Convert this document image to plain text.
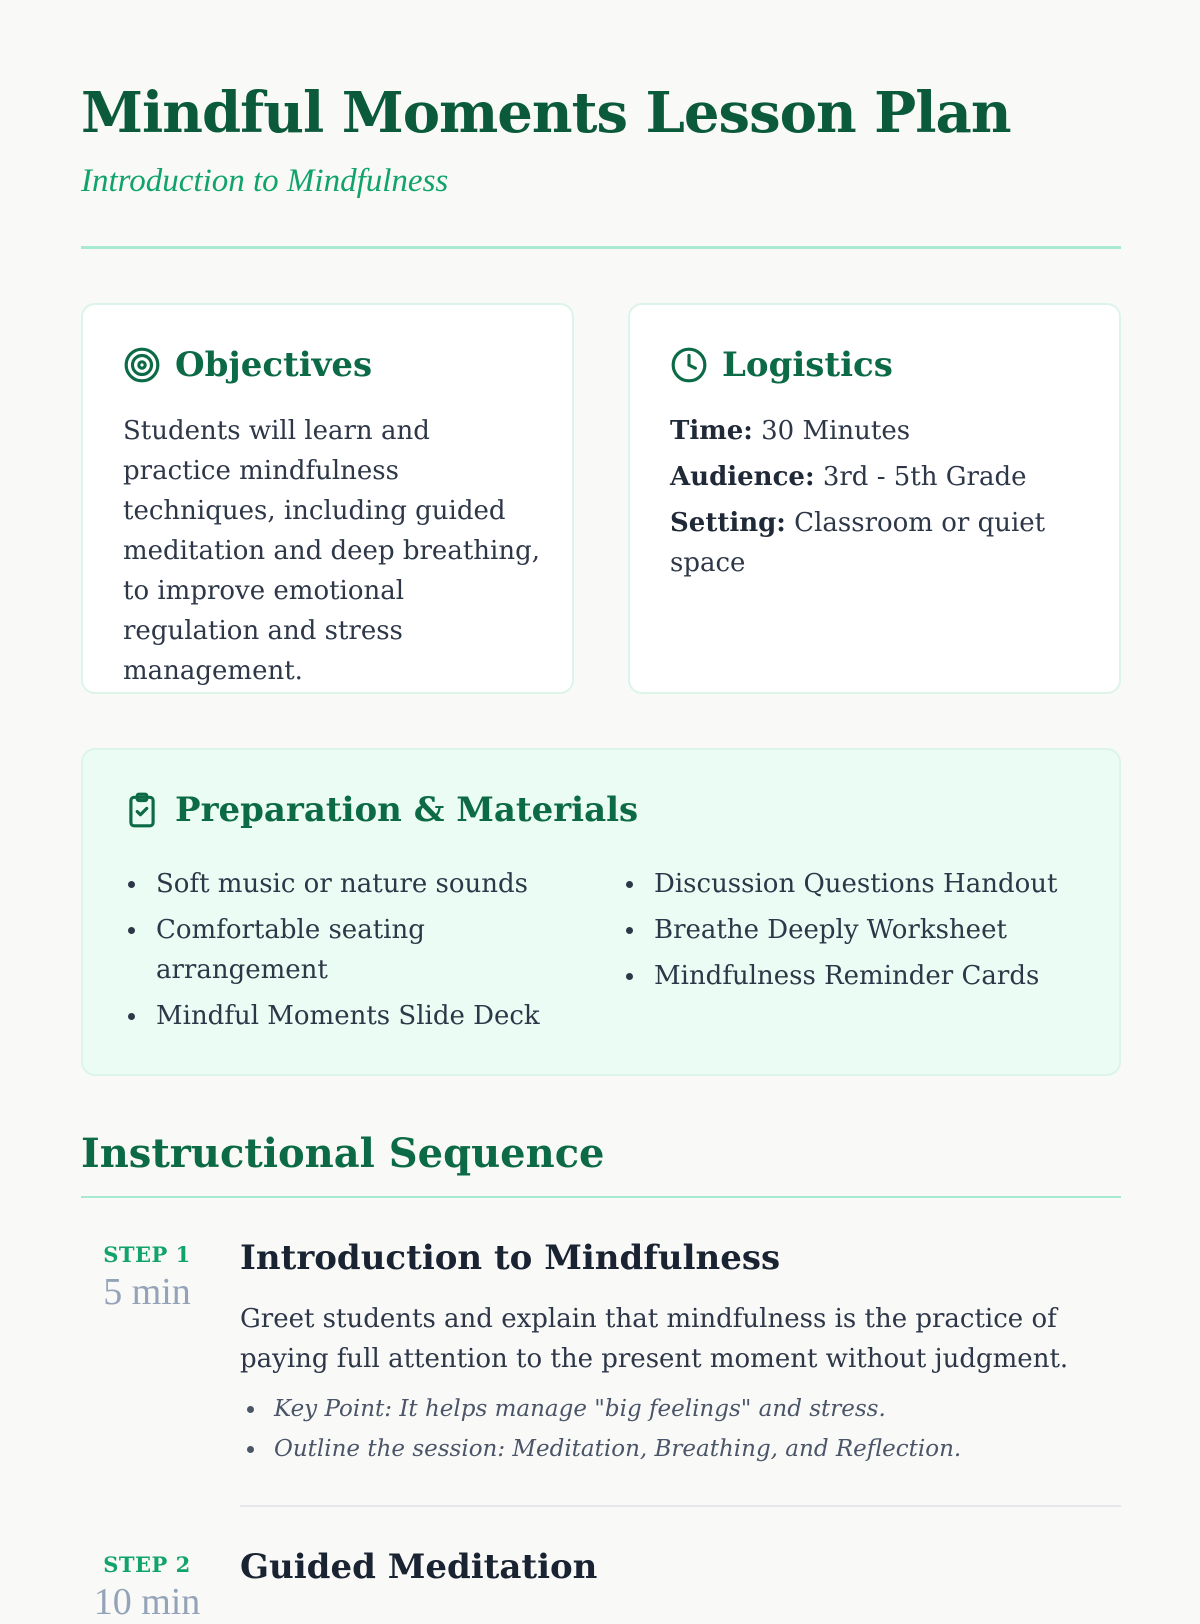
Mindful Moments Lesson Plan
Introduction to Mindfulness
Objectives

Students will learn and practice mindfulness techniques, including guided meditation and deep breathing, to improve emotional regulation and stress management.

Logistics
Time: 30 Minutes
Audience: 3rd - 5th Grade
Setting: Classroom or quiet space
Preparation & Materials
Soft music or nature sounds
Comfortable seating arrangement
Mindful Moments Slide Deck
Discussion Questions Handout
Breathe Deeply Worksheet
Mindfulness Reminder Cards
Instructional Sequence
STEP 1
5 min
Introduction to Mindfulness

Greet students and explain that mindfulness is the practice of paying full attention to the present moment without judgment.

Key Point: It helps manage "big feelings" and stress.
Outline the session: Meditation, Breathing, and Reflection.
STEP 2
10 min
Guided Meditation
